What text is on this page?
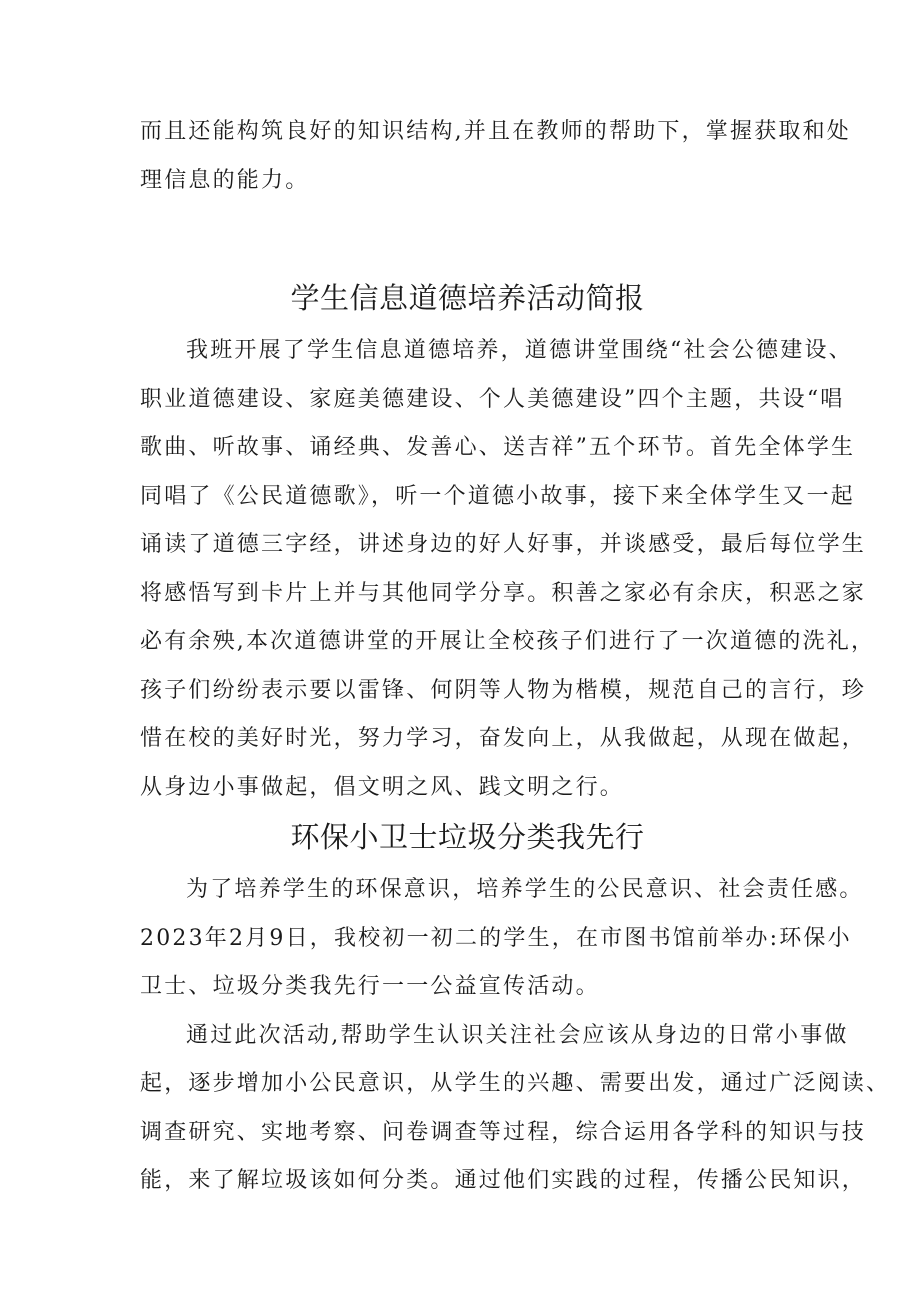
而且还能构筑良好的知识结构,并且在教师的帮助下，掌握获取和处
理信息的能力。
学生信息道德培养活动简报
我班开展了学生信息道德培养，道德讲堂围绕“社会公德建设、
职业道德建设、家庭美德建设、个人美德建设”四个主题，共设“唱
歌曲、听故事、诵经典、发善心、送吉祥”五个环节。首先全体学生
同唱了《公民道德歌》，听一个道德小故事，接下来全体学生又一起
诵读了道德三字经，讲述身边的好人好事，并谈感受，最后每位学生
将感悟写到卡片上并与其他同学分享。积善之家必有余庆，积恶之家
必有余殃,本次道德讲堂的开展让全校孩子们进行了一次道德的洗礼，
孩子们纷纷表示要以雷锋、何阴等人物为楷模，规范自己的言行，珍
惜在校的美好时光，努力学习，奋发向上，从我做起，从现在做起，
从身边小事做起，倡文明之风、践文明之行。
环保小卫士垃圾分类我先行
为了培养学生的环保意识，培养学生的公民意识、社会责任感。
2023年2月9日，我校初一初二的学生，在市图书馆前举办:环保小
卫士、垃圾分类我先行一一公益宣传活动。
通过此次活动,帮助学生认识关注社会应该从身边的日常小事做
起，逐步增加小公民意识，从学生的兴趣、需要出发，通过广泛阅读、
调查研究、实地考察、问卷调查等过程，综合运用各学科的知识与技
能，来了解垃圾该如何分类。通过他们实践的过程，传播公民知识，
